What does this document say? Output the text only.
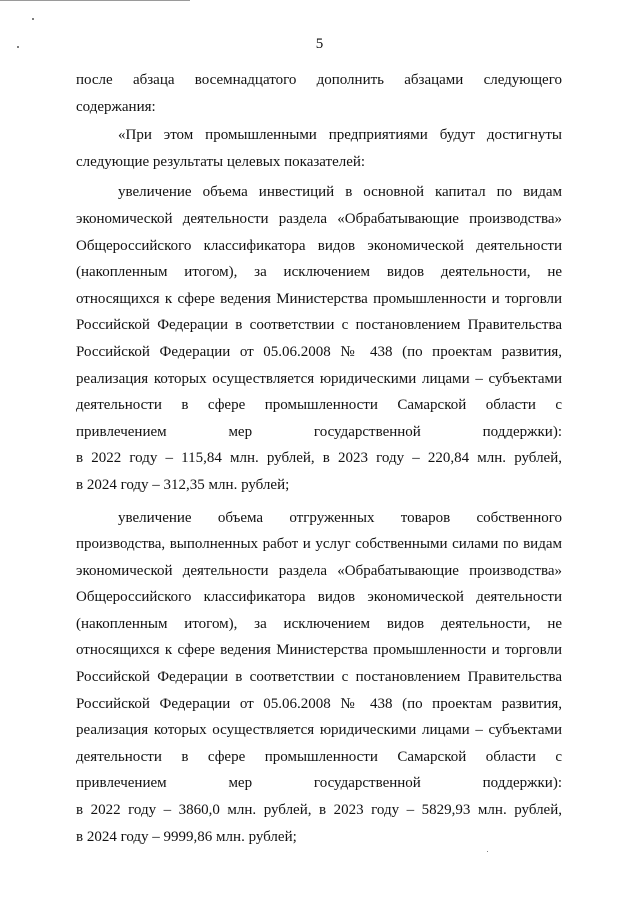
5
после абзаца восемнадцатого дополнить абзацами следующего
содержания:
«При этом промышленными предприятиями будут достигнуты
следующие результаты целевых показателей:
увеличение объема инвестиций в основной капитал по видам
экономической деятельности раздела «Обрабатывающие производства»
Общероссийского классификатора видов экономической деятельности
(накопленным итогом), за исключением видов деятельности, не
относящихся к сфере ведения Министерства промышленности и торговли
Российской Федерации в соответствии с постановлением Правительства
Российской Федерации от 05.06.2008 № 438 (по проектам развития,
реализация которых осуществляется юридическими лицами – субъектами
деятельности в сфере промышленности Самарской области с
привлечением мер государственной поддержки):
в 2022 году – 115,84 млн. рублей, в 2023 году – 220,84 млн. рублей,
в 2024 году – 312,35 млн. рублей;
увеличение объема отгруженных товаров собственного
производства, выполненных работ и услуг собственными силами по видам
экономической деятельности раздела «Обрабатывающие производства»
Общероссийского классификатора видов экономической деятельности
(накопленным итогом), за исключением видов деятельности, не
относящихся к сфере ведения Министерства промышленности и торговли
Российской Федерации в соответствии с постановлением Правительства
Российской Федерации от 05.06.2008 № 438 (по проектам развития,
реализация которых осуществляется юридическими лицами – субъектами
деятельности в сфере промышленности Самарской области с
привлечением мер государственной поддержки):
в 2022 году – 3860,0 млн. рублей, в 2023 году – 5829,93 млн. рублей,
в 2024 году – 9999,86 млн. рублей;
